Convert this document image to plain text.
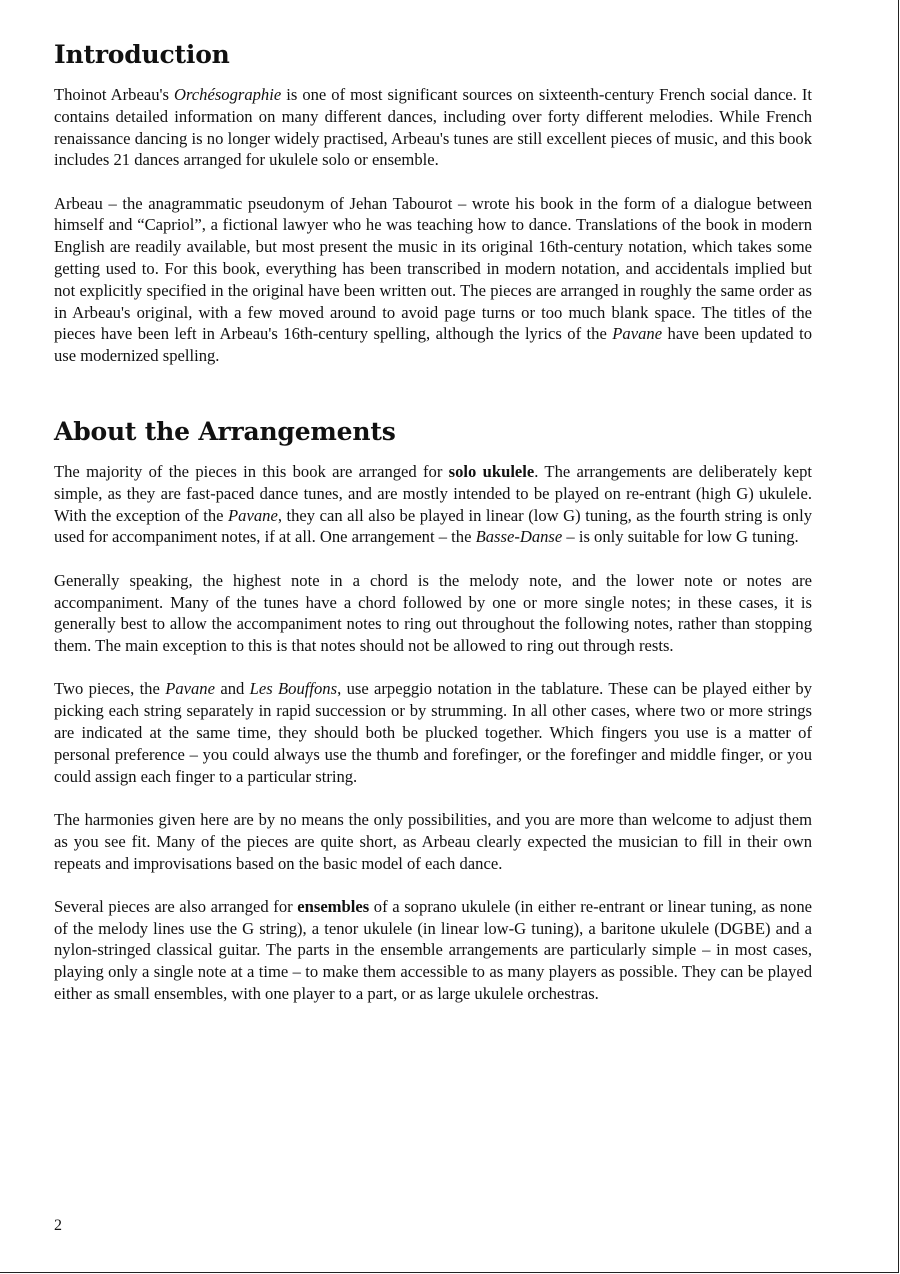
Introduction

Thoinot Arbeau's Orchésographie is one of most significant sources on sixteenth-century French social dance. It contains detailed information on many different dances, including over forty different melodies. While French renaissance dancing is no longer widely practised, Arbeau's tunes are still excellent pieces of music, and this book includes 21 dances arranged for ukulele solo or ensemble.

Arbeau – the anagrammatic pseudonym of Jehan Tabourot – wrote his book in the form of a dialogue between himself and “Capriol”, a fictional lawyer who he was teaching how to dance. Translations of the book in modern English are readily available, but most present the music in its original 16th-century notation, which takes some getting used to. For this book, everything has been transcribed in modern notation, and accidentals implied but not explicitly specified in the original have been written out. The pieces are arranged in roughly the same order as in Arbeau's original, with a few moved around to avoid page turns or too much blank space. The titles of the pieces have been left in Arbeau's 16th-century spelling, although the lyrics of the Pavane have been updated to use modernized spelling.

About the Arrangements

The majority of the pieces in this book are arranged for solo ukulele. The arrangements are deliberately kept simple, as they are fast-paced dance tunes, and are mostly intended to be played on re-entrant (high G) ukulele. With the exception of the Pavane, they can all also be played in linear (low G) tuning, as the fourth string is only used for accompaniment notes, if at all. One arrangement – the Basse-Danse – is only suitable for low G tuning.

Generally speaking, the highest note in a chord is the melody note, and the lower note or notes are accompaniment. Many of the tunes have a chord followed by one or more single notes; in these cases, it is generally best to allow the accompaniment notes to ring out throughout the following notes, rather than stopping them. The main exception to this is that notes should not be allowed to ring out through rests.

Two pieces, the Pavane and Les Bouffons, use arpeggio notation in the tablature. These can be played either by picking each string separately in rapid succession or by strumming. In all other cases, where two or more strings are indicated at the same time, they should both be plucked together. Which fingers you use is a matter of personal preference – you could always use the thumb and forefinger, or the forefinger and middle finger, or you could assign each finger to a particular string.

The harmonies given here are by no means the only possibilities, and you are more than welcome to adjust them as you see fit. Many of the pieces are quite short, as Arbeau clearly expected the musician to fill in their own repeats and improvisations based on the basic model of each dance.

Several pieces are also arranged for ensembles of a soprano ukulele (in either re-entrant or linear tuning, as none of the melody lines use the G string), a tenor ukulele (in linear low-G tuning), a baritone ukulele (DGBE) and a nylon-stringed classical guitar. The parts in the ensemble arrangements are particularly simple – in most cases, playing only a single note at a time – to make them accessible to as many players as possible. They can be played either as small ensembles, with one player to a part, or as large ukulele orchestras.

2
